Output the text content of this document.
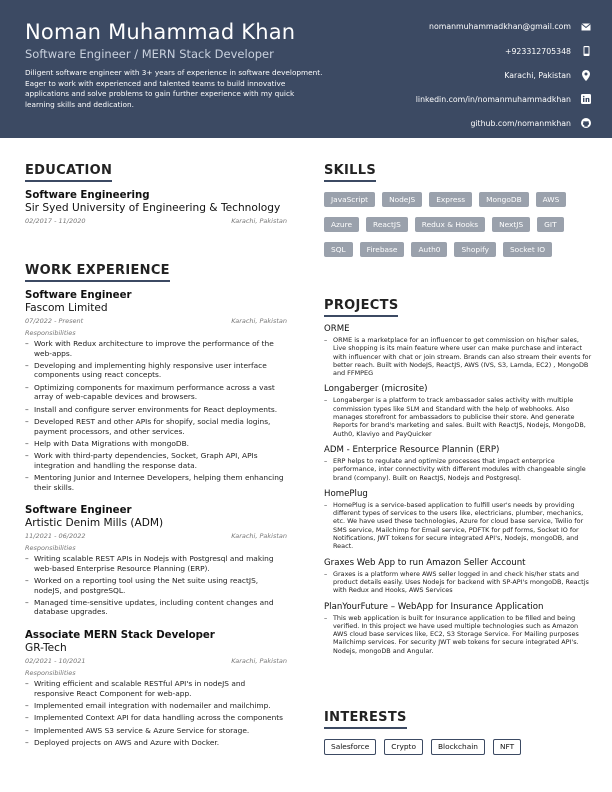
Noman Muhammad Khan
Software Engineer / MERN Stack Developer
Diligent software engineer with 3+ years of experience in software development. Eager to work with experienced and talented teams to build innovative applications and solve problems to gain further experience with my quick learning skills and dedication.
nomanmuhammadkhan@gmail.com
+923312705348
Karachi, Pakistan
linkedin.com/in/nomanmuhammadkhan
github.com/nomanmkhan
EDUCATION
Software Engineering
Sir Syed University of Engineering & Technology
02/2017 - 11/2020	Karachi, Pakistan
WORK EXPERIENCE
Software Engineer
Fascom Limited
07/2022 - Present	Karachi, Pakistan
Responsibilities
– Work with Redux architecture to improve the performance of the web-apps.
– Developing and implementing highly responsive user interface components using react concepts.
– Optimizing components for maximum performance across a vast array of web-capable devices and browsers.
– Install and configure server environments for React deployments.
– Developed REST and other APIs for shopify, social media logins, payment processors, and other services.
– Help with Data Migrations with mongoDB.
– Work with third-party dependencies, Socket, Graph API, APIs integration and handling the response data.
– Mentoring Junior and Internee Developers, helping them enhancing their skills.
Software Engineer
Artistic Denim Mills (ADM)
11/2021 - 06/2022	Karachi, Pakistan
Responsibilities
– Writing scalable REST APIs in Nodejs with Postgresql and making web-based Enterprise Resource Planning (ERP).
– Worked on a reporting tool using the Net suite using reactJS, nodeJS, and postgreSQL.
– Managed time-sensitive updates, including content changes and database upgrades.
Associate MERN Stack Developer
GR-Tech
02/2021 - 10/2021	Karachi, Pakistan
Responsibilities
– Writing efficient and scalable RESTful API's in nodeJS and responsive React Component for web-app.
– Implemented email integration with nodemailer and mailchimp.
– Implemented Context API for data handling across the components
– Implemented AWS S3 service & Azure Service for storage.
– Deployed projects on AWS and Azure with Docker.
SKILLS
JavaScript	NodeJS	Express	MongoDB	AWS
Azure	ReactJS	Redux & Hooks	NextJS	GIT
SQL	Firebase	Auth0	Shopify	Socket IO
PROJECTS
ORME
– ORME is a marketplace for an influencer to get commission on his/her sales, Live shopping is its main feature where user can make purchase and interact with influencer with chat or join stream. Brands can also stream their events for better reach. Built with NodeJS, ReactJS, AWS (IVS, S3, Lamda, EC2) , MongoDB and FFMPEG
Longaberger (microsite)
– Longaberger is a platform to track ambassador sales activity with multiple commission types like SLM and Standard with the help of webhooks. Also manages storefront for ambassadors to publicise their store. And generate Reports for brand's marketing and sales. Built with ReactJS, Nodejs, MongoDB, Auth0, Klaviyo and PayQuicker
ADM - Enterprice Resource Plannin (ERP)
– ERP helps to regulate and optimize processes that impact enterprice performance, inter connectivity with different modules with changeable single brand (company). Built on ReactJS, Nodejs and Postgresql.
HomePlug
– HomePlug is a service-based application to fulfill user's needs by providing different types of services to the users like, electricians, plumber, mechanics, etc. We have used these technologies, Azure for cloud base service, Twilio for SMS service, Mailchimp for Email service, PDFTK for pdf forms, Socket IO for Notifications, JWT tokens for secure integrated API's, Nodejs, mongoDB, and React.
Graxes Web App to run Amazon Seller Account
– Graxes is a platform where AWS seller logged in and check his/her stats and product details easily. Uses Nodejs for backend with SP-API's mongoDB, Reactjs with Redux and Hooks, AWS Services
PlanYourFuture – WebApp for Insurance Application
– This web application is built for Insurance application to be filled and being verified. In this project we have used multiple technologies such as Amazon AWS cloud base services like, EC2, S3 Storage Service. For Mailing purposes Mailchimp services. For security JWT web tokens for secure integrated API's. Nodejs, mongoDB and Angular.
INTERESTS
Salesforce	Crypto	Blockchain	NFT
